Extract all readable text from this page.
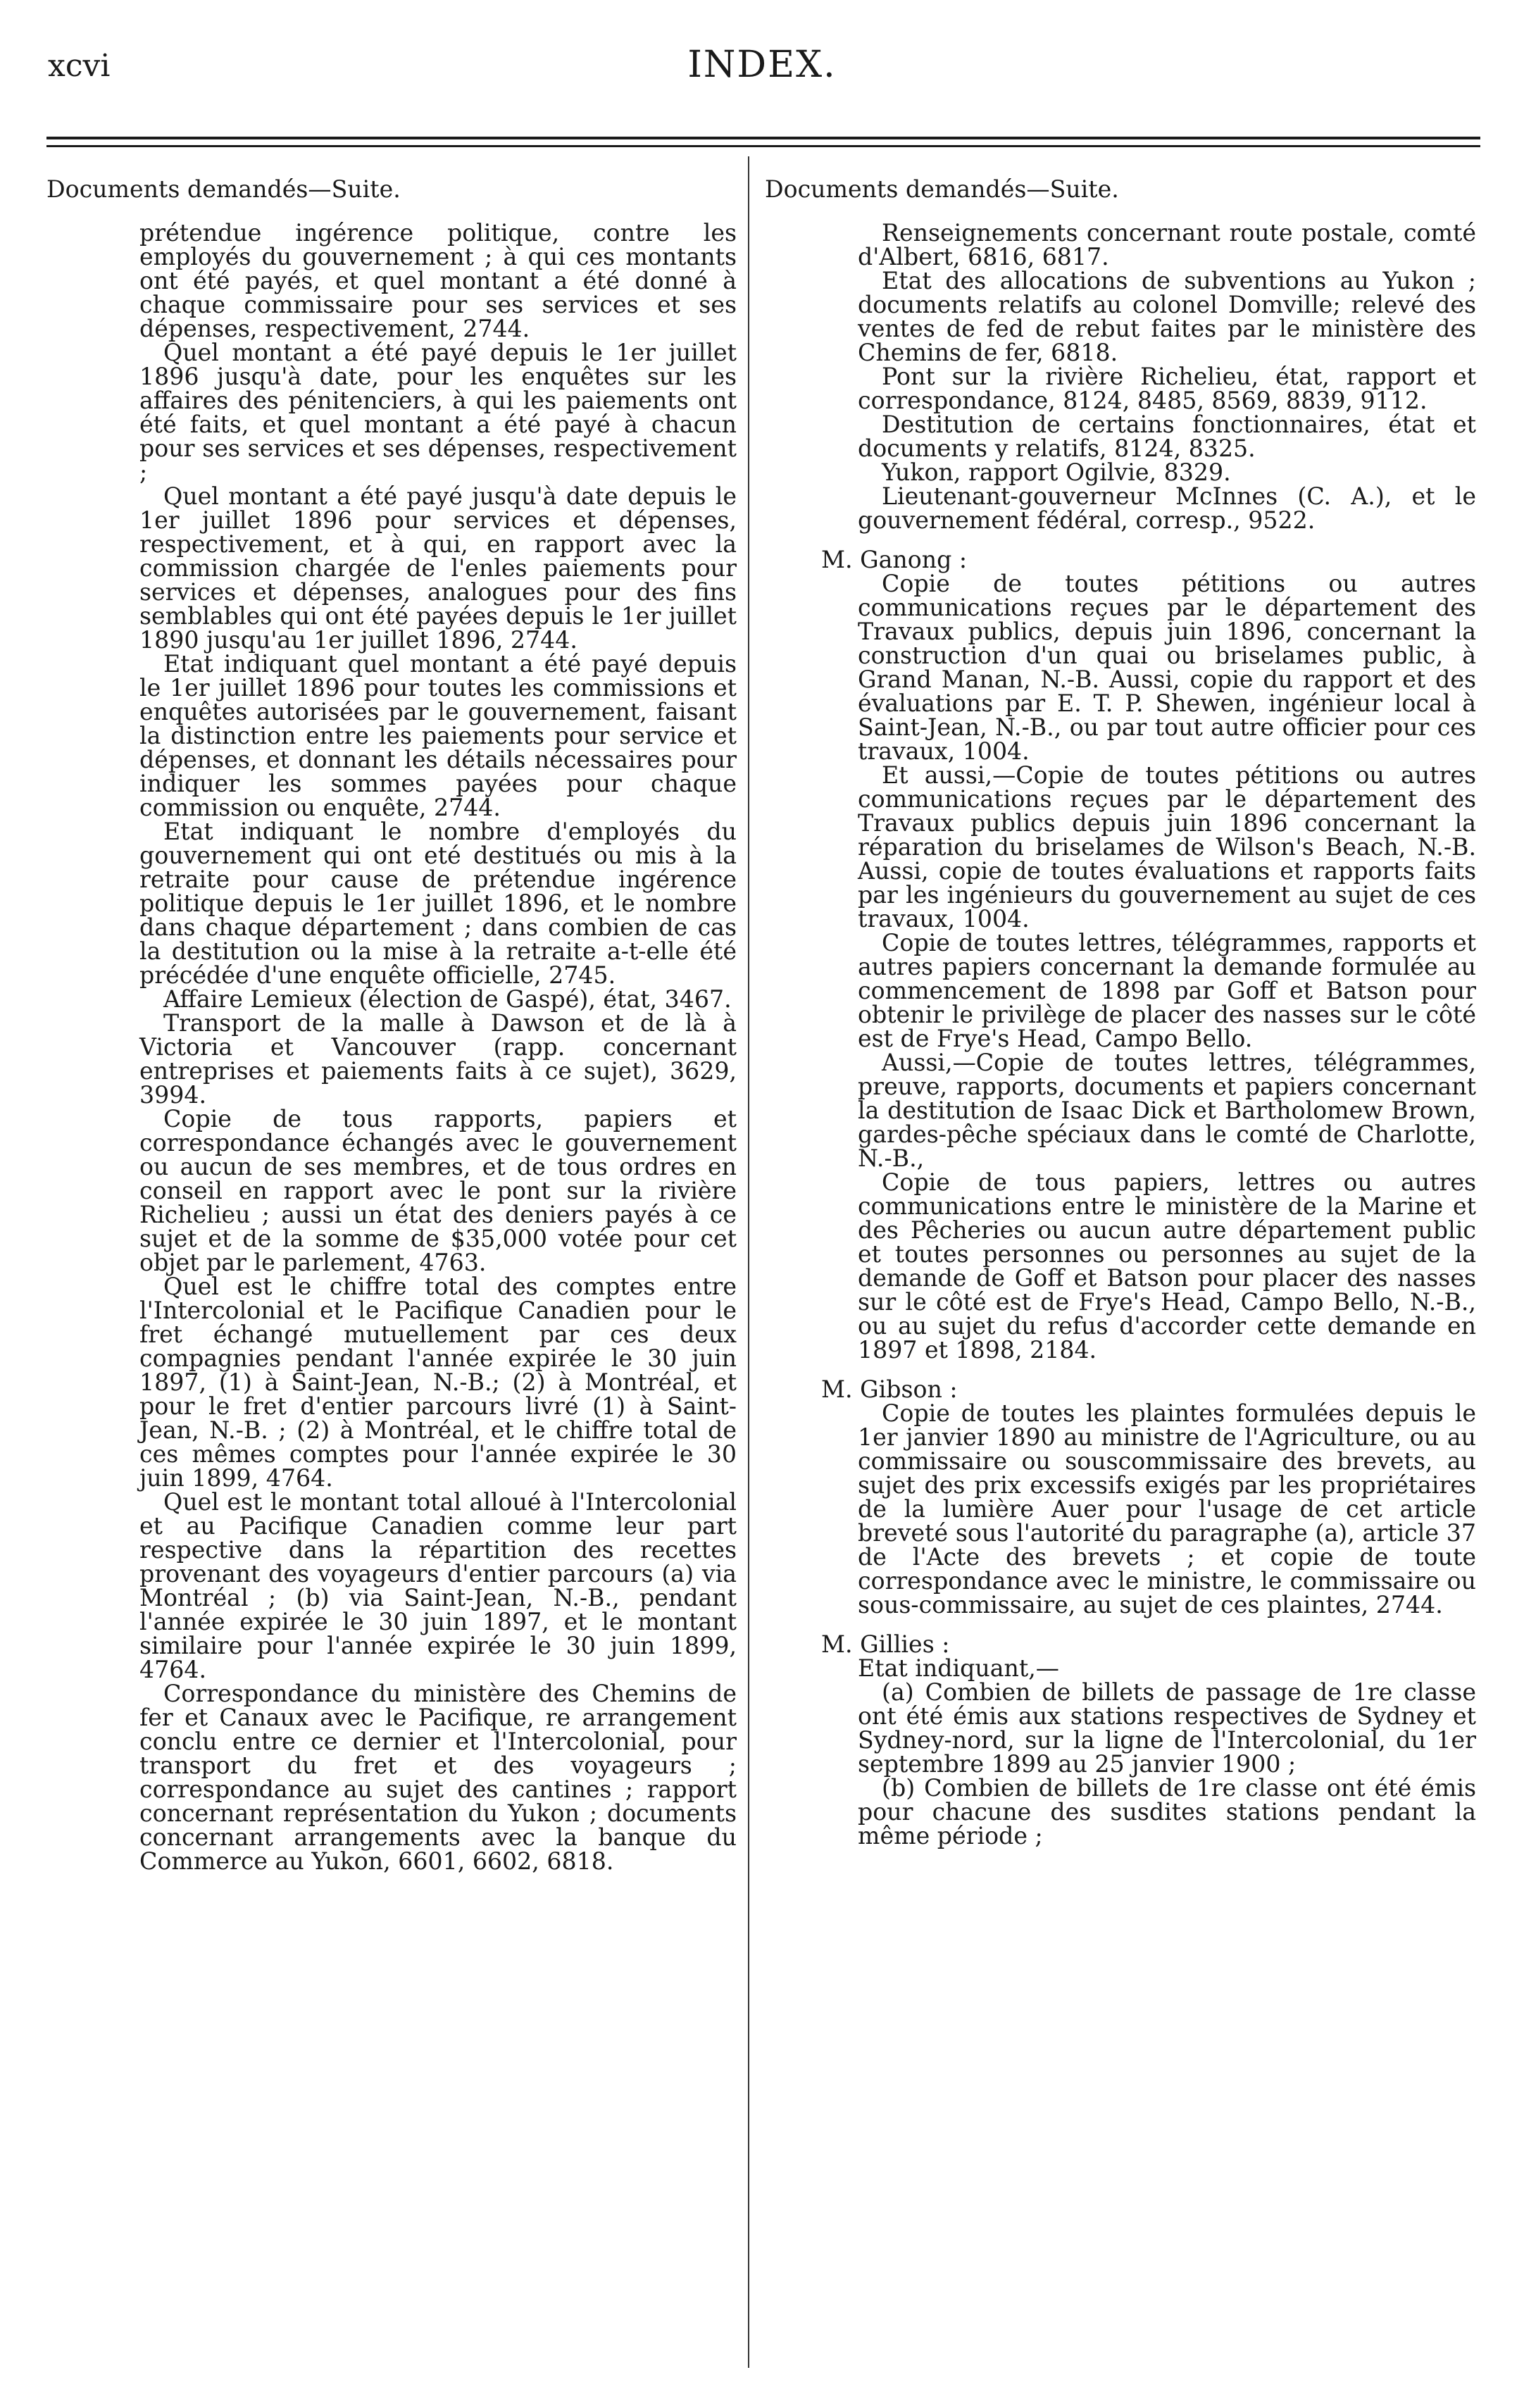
xcvi	INDEX.
Documents demandés—Suite.

prétendue ingérence politique, contre les employés du gouvernement ; à qui ces montants ont été payés, et quel montant a été donné à chaque commissaire pour ses services et ses dépenses, respectivement, 2744.

Quel montant a été payé depuis le 1er juillet 1896 jusqu'à date, pour les enquêtes sur les affaires des pénitenciers, à qui les paiements ont été faits, et quel montant a été payé à chacun pour ses services et ses dépenses, respectivement ;

Quel montant a été payé jusqu'à date depuis le 1er juillet 1896 pour services et dépenses, respectivement, et à qui, en rapport avec la commission chargée de l'enles paiements pour services et dépenses, analogues pour des fins semblables qui ont été payées depuis le 1er juillet 1890 jusqu'au 1er juillet 1896, 2744.

Etat indiquant quel montant a été payé depuis le 1er juillet 1896 pour toutes les commissions et enquêtes autorisées par le gouvernement, faisant la distinction entre les paiements pour service et dépenses, et donnant les détails nécessaires pour indiquer les sommes payées pour chaque commission ou enquête, 2744.

Etat indiquant le nombre d'employés du gouvernement qui ont eté destitués ou mis à la retraite pour cause de prétendue ingérence politique depuis le 1er juillet 1896, et le nombre dans chaque département ; dans combien de cas la destitution ou la mise à la retraite a-t-elle été précédée d'une enquête officielle, 2745.

Affaire Lemieux (élection de Gaspé), état, 3467.

Transport de la malle à Dawson et de là à Victoria et Vancouver (rapp. concernant entreprises et paiements faits à ce sujet), 3629, 3994.

Copie de tous rapports, papiers et correspondance échangés avec le gouvernement ou aucun de ses membres, et de tous ordres en conseil en rapport avec le pont sur la rivière Richelieu ; aussi un état des deniers payés à ce sujet et de la somme de $35,000 votée pour cet objet par le parlement, 4763.

Quel est le chiffre total des comptes entre l'Intercolonial et le Pacifique Canadien pour le fret échangé mutuellement par ces deux compagnies pendant l'année expirée le 30 juin 1897, (1) à Saint-Jean, N.-B.; (2) à Montréal, et pour le fret d'entier parcours livré (1) à Saint-Jean, N.-B. ; (2) à Montréal, et le chiffre total de ces mêmes comptes pour l'année expirée le 30 juin 1899, 4764.

Quel est le montant total alloué à l'Intercolonial et au Pacifique Canadien comme leur part respective dans la répartition des recettes provenant des voyageurs d'entier parcours (a) via Montréal ; (b) via Saint-Jean, N.-B., pendant l'année expirée le 30 juin 1897, et le montant similaire pour l'année expirée le 30 juin 1899, 4764.

Correspondance du ministère des Chemins de fer et Canaux avec le Pacifique, re arrangement conclu entre ce dernier et l'Intercolonial, pour transport du fret et des voyageurs ; correspondance au sujet des cantines ; rapport concernant représentation du Yukon ; documents concernant arrangements avec la banque du Commerce au Yukon, 6601, 6602, 6818.

Documents demandés—Suite.

Renseignements concernant route postale, comté d'Albert, 6816, 6817.

Etat des allocations de subventions au Yukon ; documents relatifs au colonel Domville; relevé des ventes de fed de rebut faites par le ministère des Chemins de fer, 6818.

Pont sur la rivière Richelieu, état, rapport et correspondance, 8124, 8485, 8569, 8839, 9112.

Destitution de certains fonctionnaires, état et documents y relatifs, 8124, 8325.

Yukon, rapport Ogilvie, 8329.

Lieutenant-gouverneur McInnes (C. A.), et le gouvernement fédéral, corresp., 9522.

M. Ganong :

Copie de toutes pétitions ou autres communications reçues par le département des Travaux publics, depuis juin 1896, concernant la construction d'un quai ou briselames public, à Grand Manan, N.-B. Aussi, copie du rapport et des évaluations par E. T. P. Shewen, ingénieur local à Saint-Jean, N.-B., ou par tout autre officier pour ces travaux, 1004.

Et aussi,—Copie de toutes pétitions ou autres communications reçues par le département des Travaux publics depuis juin 1896 concernant la réparation du briselames de Wilson's Beach, N.-B. Aussi, copie de toutes évaluations et rapports faits par les ingénieurs du gouvernement au sujet de ces travaux, 1004.

Copie de toutes lettres, télégrammes, rapports et autres papiers concernant la demande formulée au commencement de 1898 par Goff et Batson pour obtenir le privilège de placer des nasses sur le côté est de Frye's Head, Campo Bello.

Aussi,—Copie de toutes lettres, télégrammes, preuve, rapports, documents et papiers concernant la destitution de Isaac Dick et Bartholomew Brown, gardes-pêche spéciaux dans le comté de Charlotte, N.-B.,

Copie de tous papiers, lettres ou autres communications entre le ministère de la Marine et des Pêcheries ou aucun autre département public et toutes personnes ou personnes au sujet de la demande de Goff et Batson pour placer des nasses sur le côté est de Frye's Head, Campo Bello, N.-B., ou au sujet du refus d'accorder cette demande en 1897 et 1898, 2184.

M. Gibson :

Copie de toutes les plaintes formulées depuis le 1er janvier 1890 au ministre de l'Agriculture, ou au commissaire ou souscommissaire des brevets, au sujet des prix excessifs exigés par les propriétaires de la lumière Auer pour l'usage de cet article breveté sous l'autorité du paragraphe (a), article 37 de l'Acte des brevets ; et copie de toute correspondance avec le ministre, le commissaire ou sous-commissaire, au sujet de ces plaintes, 2744.

M. Gillies :

Etat indiquant,—

(a) Combien de billets de passage de 1re classe ont été émis aux stations respectives de Sydney et Sydney-nord, sur la ligne de l'Intercolonial, du 1er septembre 1899 au 25 janvier 1900 ;

(b) Combien de billets de 1re classe ont été émis pour chacune des susdites stations pendant la même période ;
